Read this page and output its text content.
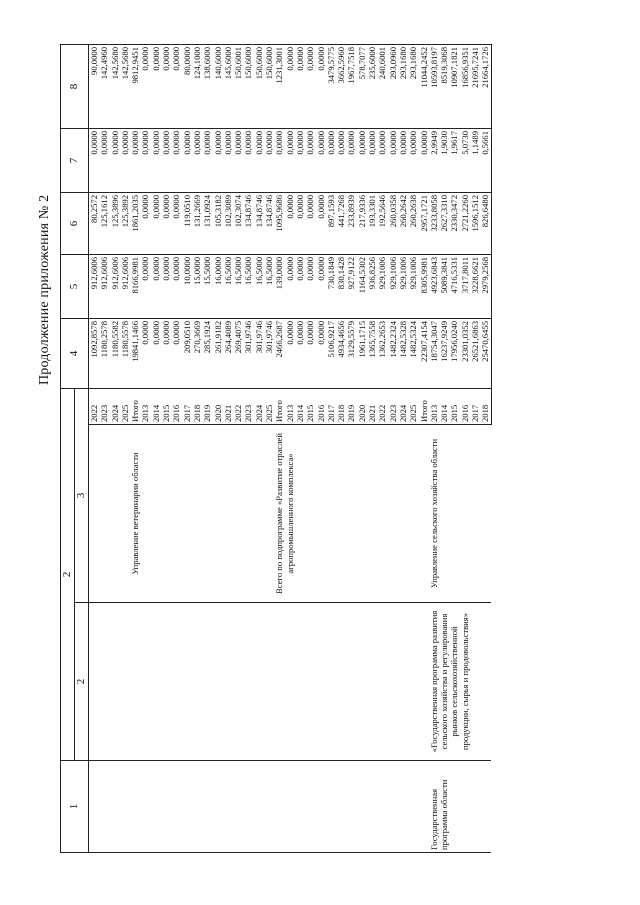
Продолжение приложения № 2
1	2			4	5	6	7	8
	2	3						
			2022	1092,8578	912,6006	80,2572	0,0000	90,0000
			2023	1180,2578	912,6006	125,1612	0,0000	142,4960
			2024	1180,5582	912,6006	125,3896	0,0000	142,5680
			2025	1180,5578	912,6006	125,3892	0,0000	142,5680
		Управление ветеринарии области	Итого	19841,1466	8166,9981	1861,2035	0,0000	9812,9451
			2013	0,0000	0,0000	0,0000	0,0000	0,0000
			2014	0,0000	0,0000	0,0000	0,0000	0,0000
			2015	0,0000	0,0000	0,0000	0,0000	0,0000
			2016	0,0000	0,0000	0,0000	0,0000	0,0000
			2017	209,0510	10,0000	119,0510	0,0000	80,0000
			2018	270,3669	15,0000	131,2669	0,0000	124,1000
			2019	285,1924	15,5000	131,0924	0,0000	138,6000
			2020	261,9182	16,0000	105,3182	0,0000	140,6000
			2021	264,4089	16,5000	102,3089	0,0000	145,6000
			2022	269,4075	16,5000	102,3074	0,0000	150,6001
			2023	301,9746	16,5000	134,8746	0,0000	150,6000
			2024	301,9746	16,5000	134,8746	0,0000	150,6000
			2025	301,9746	16,5000	134,8746	0,0000	150,6000
		Всего по подпрограмме «Развитие отраслей агропромышленного комплекса»	Итого	2466,2687	139,0000	1095,9686	0,0000	1231,3001
			2013	0,0000	0,0000	0,0000	0,0000	0,0000
			2014	0,0000	0,0000	0,0000	0,0000	0,0000
			2015	0,0000	0,0000	0,0000	0,0000	0,0000
			2016	0,0000	0,0000	0,0000	0,0000	0,0000
			2017	5106,9217	730,1849	897,1593	0,0000	3479,5775
			2018	4934,4656	830,1428	441,7268	0,0000	3662,5960
			2019	3129,5579	927,9122	233,8939	0,0000	1967,7518
			2020	1961,1715	1164,5302	217,9336	0,0000	578,7077
			2021	1365,7558	936,8256	193,3301	0,0000	235,6000
			2022	1362,2653	929,1006	192,5646	0,0000	240,6001
			2023	1482,2324	929,1006	260,0358	0,0000	293,0960
			2024	1482,5328	929,1006	260,2642	0,0000	293,1680
			2025	1482,5324	929,1006	260,2638	0,0000	293,1680
			Итого	22307,4154	8305,9981	2957,1721	0,0000	11044,2452
Государственная программа области	«Государственная программа развития сельского хозяйства и регулирования рынков сельскохозяйственной продукции, сырья и продовольствия»	Управление сельского хозяйства области	2013	18754,3047	4923,6843	3233,8058	2,9949	10593,8197
			2014	16237,9249	5089,3841	2627,3310	1,9030	8519,3068
			2015	17956,0240	4716,5331	2330,3472	1,9617	10907,1821
			2016	23301,0352	3717,8011	2721,2260	5,0730	16856,9351
			2017	26521,6863	3228,6621	1596,1512	1,1489	21695,7241
			2018	25470,6455	2979,2568	826,6480	0,5661	21664,1726
